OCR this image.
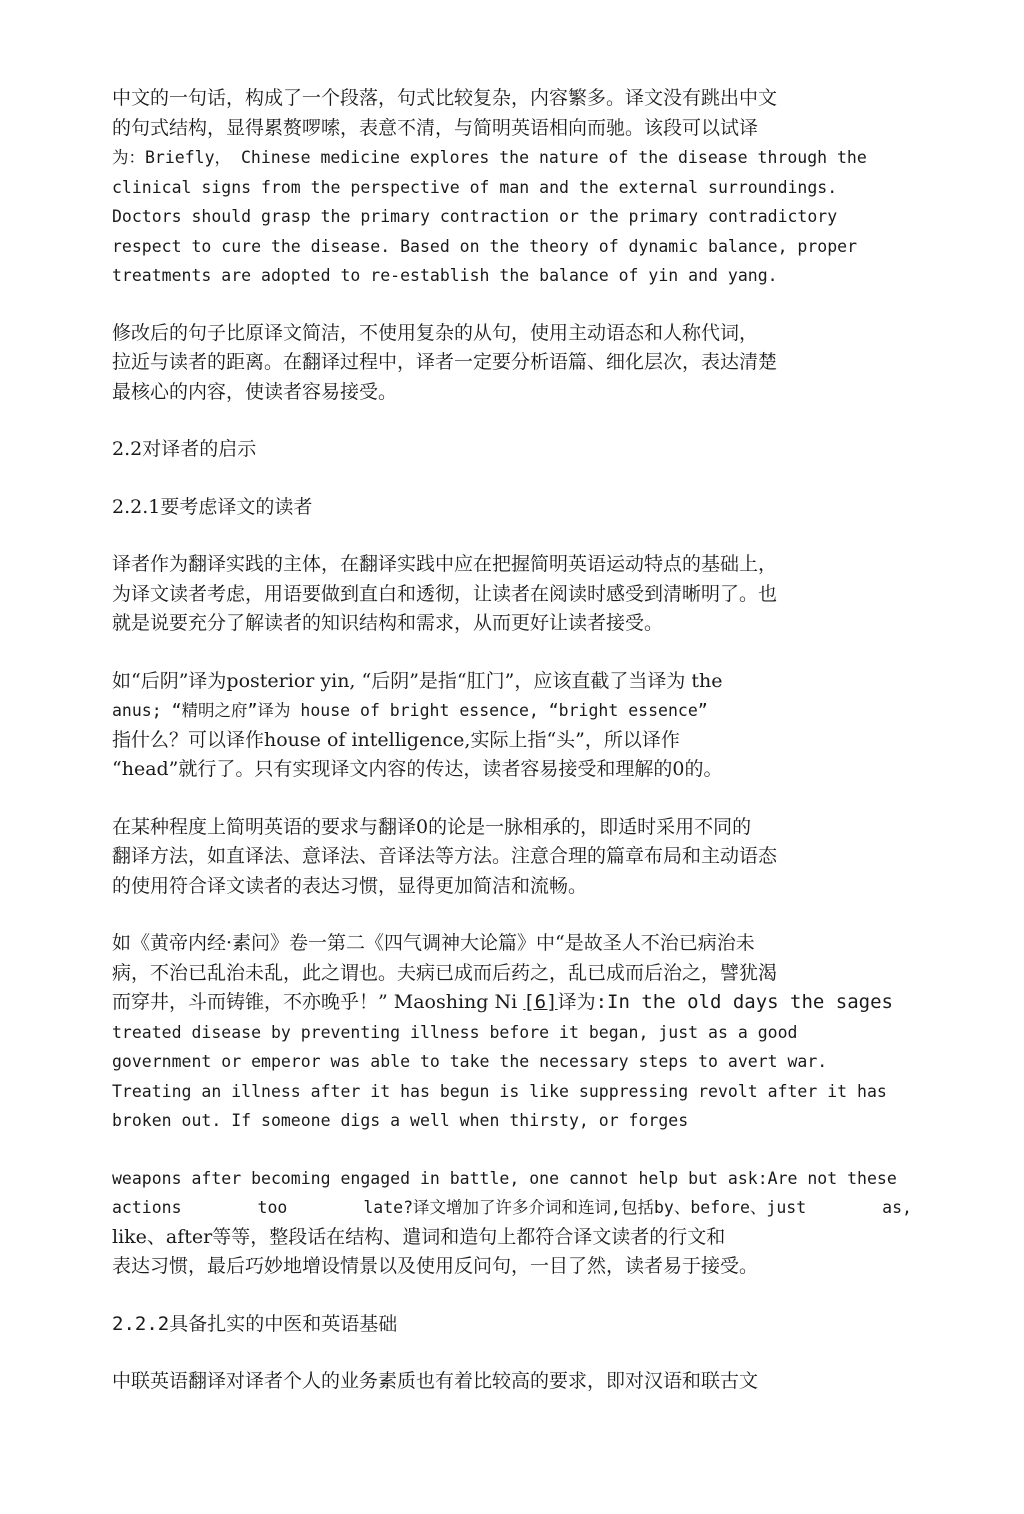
中文的一句话，构成了一个段落，句式比较复杂，内容繁多。译文没有跳出中文
的句式结构，显得累赘啰嗦，表意不清，与简明英语相向而驰。该段可以试译
为：Briefly， Chinese medicine explores the nature of the disease through the
clinical signs from the perspective of man and the external surroundings.
Doctors should grasp the primary contraction or the primary contradictory
respect to cure the disease. Based on the theory of dynamic balance, proper
treatments are adopted to re-establish the balance of yin and yang.

修改后的句子比原译文简洁，不使用复杂的从句，使用主动语态和人称代词，
拉近与读者的距离。在翻译过程中，译者一定要分析语篇、细化层次，表达清楚
最核心的内容，使读者容易接受。

2.2对译者的启示
2.2.1要考虑译文的读者

译者作为翻译实践的主体，在翻译实践中应在把握简明英语运动特点的基础上，
为译文读者考虑，用语要做到直白和透彻，让读者在阅读时感受到清晰明了。也
就是说要充分了解读者的知识结构和需求，从而更好让读者接受。

如“后阴”译为posterior yin, “后阴”是指“肛门”，应该直截了当译为 the
anus; “精明之府”译为 house of bright essence, “bright essence”
指什么？可以译作house of intelligence,实际上指“头”，所以译作
“head”就行了。只有实现译文内容的传达，读者容易接受和理解的0的。

在某种程度上简明英语的要求与翻译0的论是一脉相承的，即适时采用不同的
翻译方法，如直译法、意译法、音译法等方法。注意合理的篇章布局和主动语态
的使用符合译文读者的表达习惯，显得更加简洁和流畅。

如《黄帝内经·素问》卷一第二《四气调神大论篇》中“是故圣人不治已病治未
病，不治已乱治未乱，此之谓也。夫病已成而后药之，乱已成而后治之，譬犹渴
而穿井，斗而铸锥，不亦晚乎！” Maoshing Ni [6]译为:In the old days the sages
treated disease by preventing illness before it began, just as a good
government or emperor was able to take the necessary steps to avert war.
Treating an illness after it has begun is like suppressing revolt after it has
broken out. If someone digs a well when thirsty, or forges

weapons after becoming engaged in battle, one cannot help but ask:Are not these
actions	too	late?译文增加了许多介词和连词,包括by、before、just	as,
like、after等等，整段话在结构、遣词和造句上都符合译文读者的行文和
表达习惯，最后巧妙地增设情景以及使用反问句，一目了然，读者易于接受。

2.2.2具备扎实的中医和英语基础

中联英语翻译对译者个人的业务素质也有着比较高的要求，即对汉语和联古文
